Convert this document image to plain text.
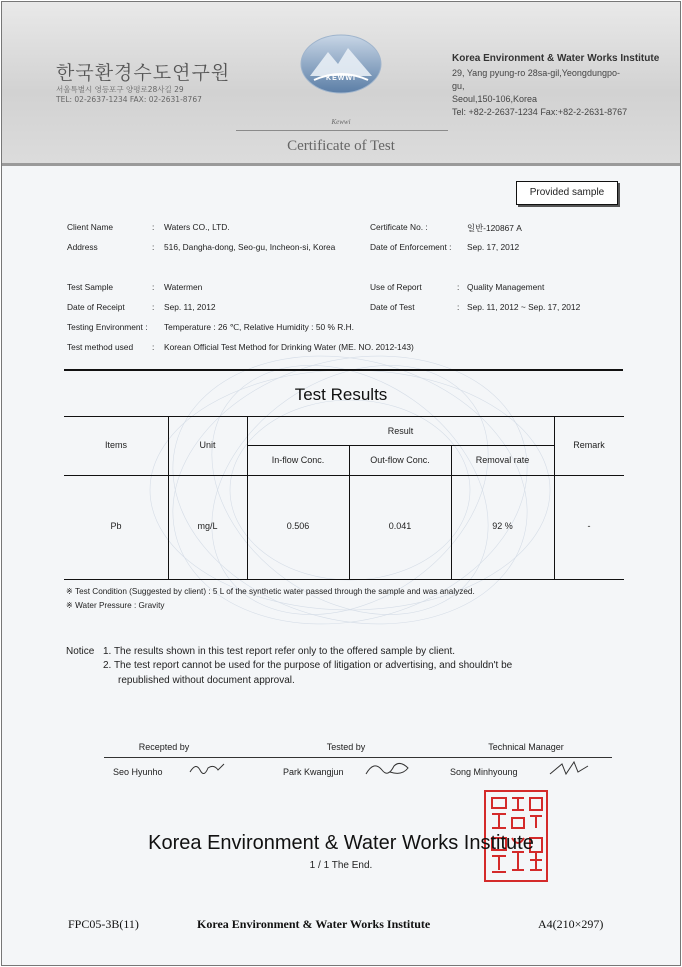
한국환경수도연구원
서울특별시 영등포구 양평로28사길 29
TEL: 02-2637-1234 FAX: 02-2631-8767
KEWWI
Korea Environment & Water Works Institute
29, Yang pyung-ro 28sa-gil,Yeongdungpo-gu,
Seoul,150-106,Korea
Tel: +82-2-2637-1234 Fax:+82-2-2631-8767
Kewwi
Certificate of Test
Provided sample
Client Name	: Waters CO., LTD.
Address	: 516, Dangha-dong, Seo-gu, Incheon-si, Korea
Certificate No. :	일반-120867 A
Date of Enforcement : Sep. 17, 2012
Test Sample	: Watermen
Date of Receipt	: Sep. 11, 2012
Use of Report	: Quality Management
Date of Test	: Sep. 11, 2012 ~ Sep. 17, 2012
Testing Environment : Temperature : 26 ℃, Relative Humidity : 50 % R.H.
Test method used : Korean Official Test Method for Drinking Water (ME. NO. 2012-143)
Test Results
Items	Unit
Result
In-flow Conc.	Out-flow Conc.	Removal rate
Remark
Pb	mg/L	0.506	0.041	92 %	-
※ Test Condition (Suggested by client) : 5 L of the synthetic water passed through the sample and was analyzed.
※ Water Pressure : Gravity
Notice 1. The results shown in this test report refer only to the offered sample by client.
2. The test report cannot be used for the purpose of litigation or advertising, and shouldn't be
republished without document approval.
Recepted by	Tested by	Technical Manager
Seo Hyunho	Park Kwangjun	Song Minhyoung
Korea Environment & Water Works Institute
1 / 1 The End.
FPC05-3B(11)	Korea Environment & Water Works Institute	A4(210×297)
